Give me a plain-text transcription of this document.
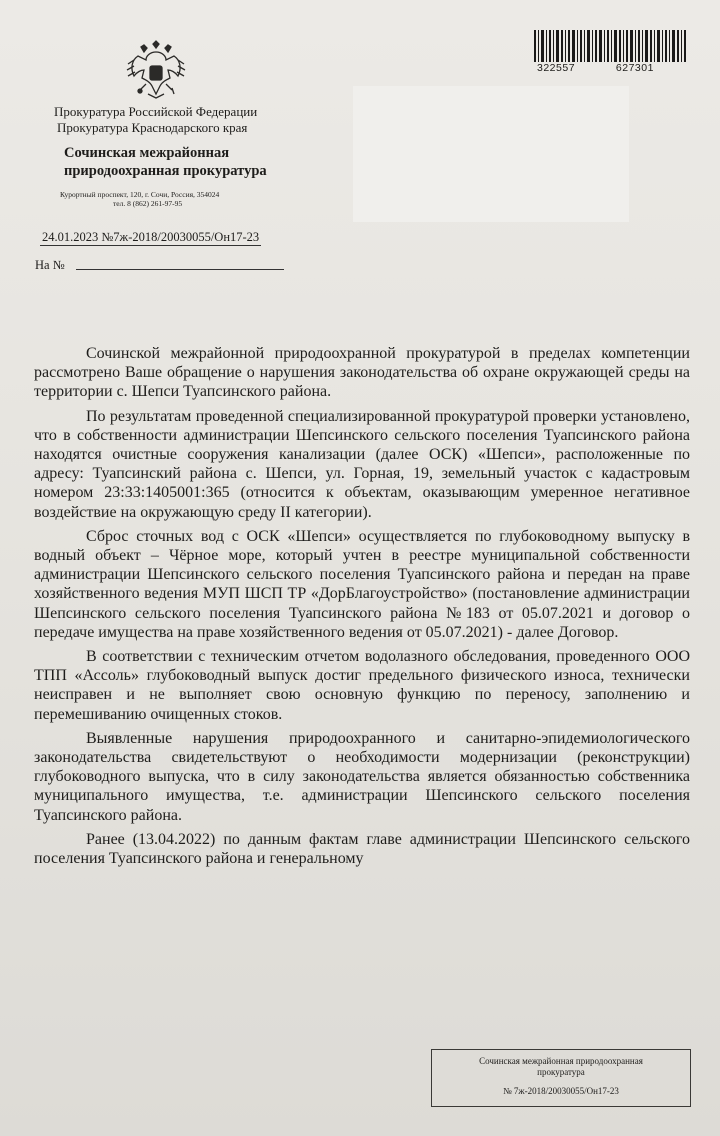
Прокуратура Российской Федерации
Прокуратура Краснодарского края
Сочинская межрайонная
природоохранная прокуратура
Курортный проспект, 120, г. Сочи, Россия, 354024
тел. 8 (862) 261-97-95
24.01.2023 №7ж-2018/20030055/Он17-23
На №
322557	627301

Сочинской межрайонной природоохранной прокуратурой в пределах компетенции рассмотрено Ваше обращение о нарушения законодательства об охране окружающей среды на территории с. Шепси Туапсинского района.

По результатам проведенной специализированной прокуратурой проверки установлено, что в собственности администрации Шепсинского сельского поселения Туапсинского района находятся очистные сооружения канализации (далее ОСК) «Шепси», расположенные по адресу: Туапсинский района с. Шепси, ул. Горная, 19, земельный участок с кадастровым номером 23:33:1405001:365 (относится к объектам, оказывающим умеренное негативное воздействие на окружающую среду II категории).

Сброс сточных вод с ОСК «Шепси» осуществляется по глубоководному выпуску в водный объект – Чёрное море, который учтен в реестре муниципальной собственности администрации Шепсинского сельского поселения Туапсинского района и передан на праве хозяйственного ведения МУП ШСП ТР «ДорБлагоустройство» (постановление администрации Шепсинского сельского поселения Туапсинского района №183 от 05.07.2021 и договор о передаче имущества на праве хозяйственного ведения от 05.07.2021) - далее Договор.

В соответствии с техническим отчетом водолазного обследования, проведенного ООО ТПП «Ассоль» глубоководный выпуск достиг предельного физического износа, технически неисправен и не выполняет свою основную функцию по переносу, заполнению и перемешиванию очищенных стоков.

Выявленные нарушения природоохранного и санитарно-эпидемиологического законодательства свидетельствуют о необходимости модернизации (реконструкции) глубоководного выпуска, что в силу законодательства является обязанностью собственника муниципального имущества, т.е. администрации Шепсинского сельского поселения Туапсинского района.

Ранее (13.04.2022) по данным фактам главе администрации Шепсинского сельского поселения Туапсинского района и генеральному

Сочинская межрайонная природоохранная
прокуратура
№ 7ж-2018/20030055/Он17-23
